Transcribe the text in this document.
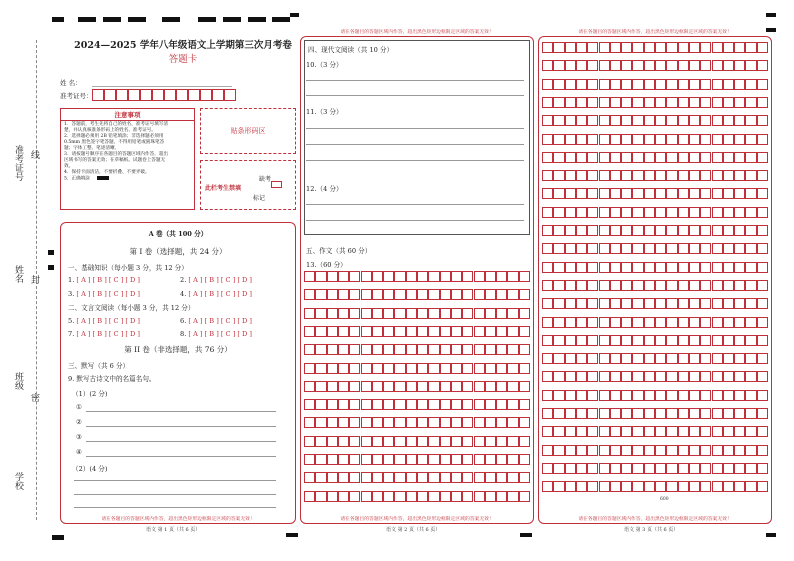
准考证号 线
姓名 封
班级
密
学校
2024—2025 学年八年级语文上学期第三次月考卷
答题卡
姓 名：
准考证号：
注意事项
1．答题前，考生先将自己的姓名，准考证号填写清
楚，并认真核准条形码上的姓名、准考证号。
2．选择题必须用 2B 铅笔填涂；非选择题必须用
0.5mm 黑色签字笔答题，不得用铅笔或圆珠笔答
题；字体工整、笔迹清晰。
3．请按题号顺序在各题目的答题区域内作答，超出
区域书写的答案无效；在草稿纸、试题卷上答题无
效。
4．保持卡面清洁，不要折叠、不要弄破。
5．正确填涂
贴条形码区
此栏考生禁填
缺考
标记
A 卷（共 100 分）
第 I 卷（选择题，共 24 分）
一、基础知识（每小题 3 分，共 12 分）
1. [ A ] [ B ] [ C ] [ D ]	2. [ A ] [ B ] [ C ] [ D ]
3. [ A ] [ B ] [ C ] [ D ]	4. [ A ] [ B ] [ C ] [ D ]
二、文言文阅读（每小题 3 分，共 12 分）
5. [ A ] [ B ] [ C ] [ D ]	6. [ A ] [ B ] [ C ] [ D ]
7. [ A ] [ B ] [ C ] [ D ]	8. [ A ] [ B ] [ C ] [ D ]
第 II 卷（非选择题，共 76 分）
三、默写（共 6 分）
9. 默写古诗文中的名篇名句。
（1）(2 分)
①
②
③
④
（2）(4 分)
请在各题目的答题区域内作答，超出黑色矩形边框限定区域的答案无效！
语文 第 1 页（共 6 页）
请在各题目的答题区域内作答，超出黑色矩形边框限定区域的答案无效！
四、现代文阅读（共 10 分）
10.（3 分）
11.（3 分）
12.（4 分）
五、作文（共 60 分）
13.（60 分）
请在各题目的答题区域内作答，超出黑色矩形边框限定区域的答案无效！
语文 第 2 页（共 6 页）
请在各题目的答题区域内作答，超出黑色矩形边框限定区域的答案无效！
600
请在各题目的答题区域内作答，超出黑色矩形边框限定区域的答案无效！
语文 第 3 页（共 6 页）
